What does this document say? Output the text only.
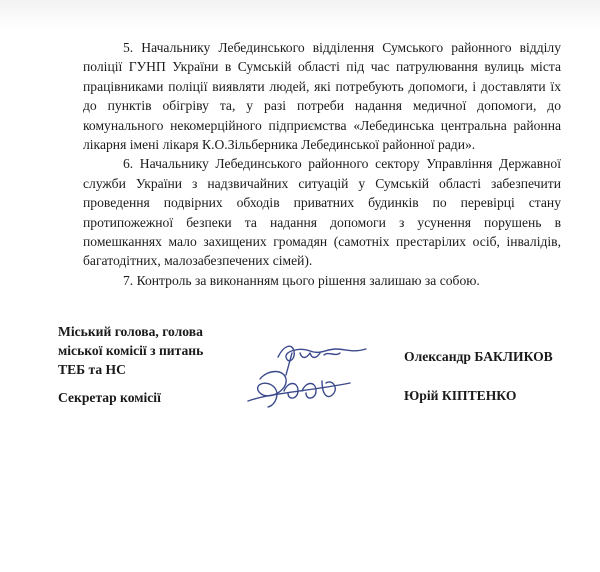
5. Начальнику Лебединського відділення Сумського районного відділу поліції ГУНП України в Сумській області під час патрулювання вулиць міста працівниками поліції виявляти людей, які потребують допомоги, і доставляти їх до пунктів обігріву та, у разі потреби надання медичної допомоги, до комунального некомерційного підприємства «Лебединська центральна районна лікарня імені лікаря К.О.Зільберника Лебединської районної ради».

6. Начальнику Лебединського районного сектору Управління Державної служби України з надзвичайних ситуацій у Сумській області забезпечити проведення подвірних обходів приватних будинків по перевірці стану протипожежної безпеки та надання допомоги з усунення порушень в помешканнях мало захищених громадян (самотніх престарілих осіб, інвалідів, багатодітних, малозабезпечених сімей).

7. Контроль за виконанням цього рішення залишаю за собою.

Міський голова, голова
міської комісії з питань
ТЕБ та НС
Секретар комісії
Олександр БАКЛИКОВ
Юрій КІПТЕНКО
